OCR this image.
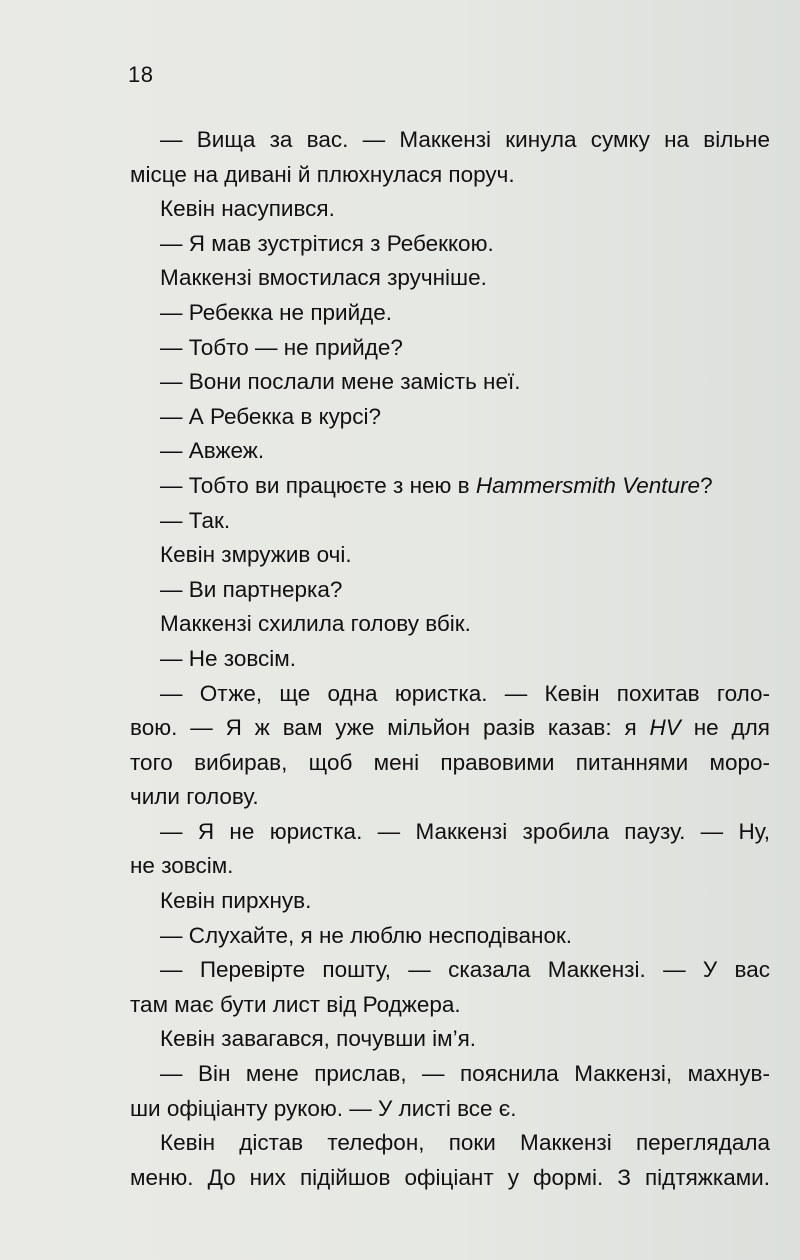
18
— Вища за вас. — Маккензі кинула сумку на вільне
місце на дивані й плюхнулася поруч.
Кевін насупився.
— Я мав зустрітися з Ребеккою.
Маккензі вмостилася зручніше.
— Ребекка не прийде.
— Тобто — не прийде?
— Вони послали мене замість неї.
— А Ребекка в курсі?
— Авжеж.
— Тобто ви працюєте з нею в Hammersmith Venture?
— Так.
Кевін змружив очі.
— Ви партнерка?
Маккензі схилила голову вбік.
— Не зовсім.
— Отже, ще одна юристка. — Кевін похитав голо-
вою. — Я ж вам уже мільйон разів казав: я HV не для
того вибирав, щоб мені правовими питаннями моро-
чили голову.
— Я не юристка. — Маккензі зробила паузу. — Ну,
не зовсім.
Кевін пирхнув.
— Слухайте, я не люблю несподіванок.
— Перевірте пошту, — сказала Маккензі. — У вас
там має бути лист від Роджера.
Кевін завагався, почувши ім’я.
— Він мене прислав, — пояснила Маккензі, махнув-
ши офіціанту рукою. — У листі все є.
Кевін дістав телефон, поки Маккензі переглядала
меню. До них підійшов офіціант у формі. З підтяжками.
